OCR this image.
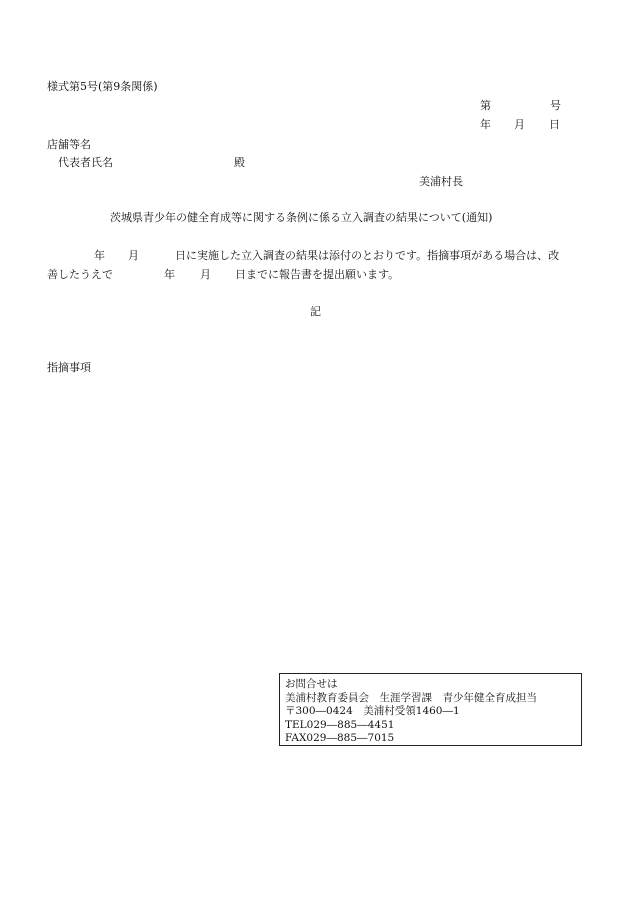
様式第5号(第9条関係)
第	号
年 月 日
店舗等名
代表者氏名	殿
美浦村長
茨城県青少年の健全育成等に関する条例に係る立入調査の結果について(通知)
年 月	日に実施した立入調査の結果は添付のとおりです。指摘事項がある場合は、改
善したうえで	年 月 日までに報告書を提出願います。
記
指摘事項
お問合せは
美浦村教育委員会　生涯学習課　青少年健全育成担当
〒300―0424　美浦村受領1460―1
TEL029―885―4451
FAX029―885―7015
